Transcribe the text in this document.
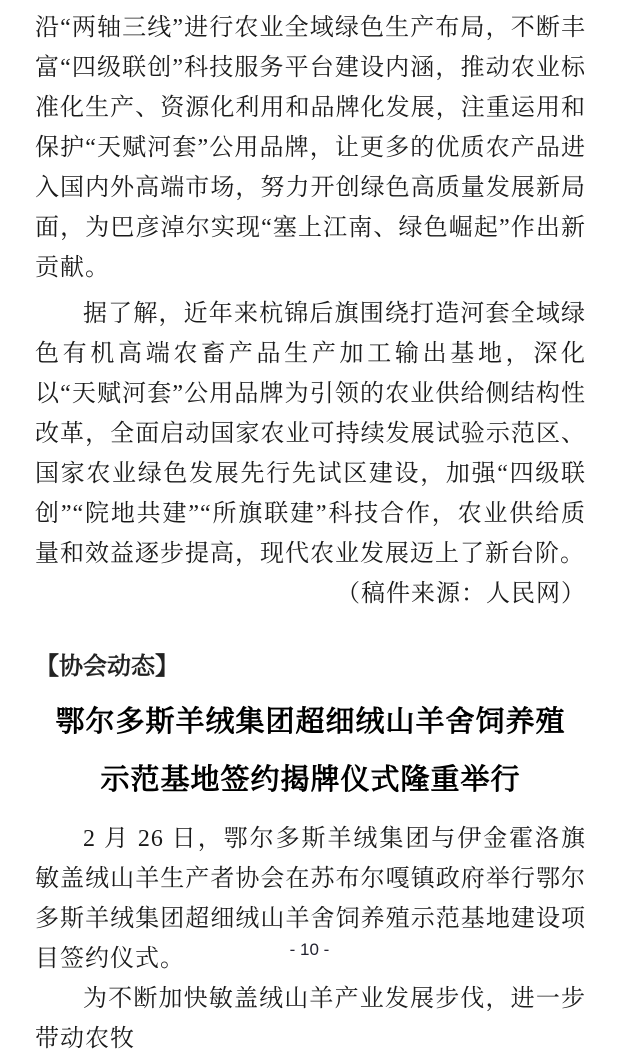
沿“两轴三线”进行农业全域绿色生产布局，不断丰富“四级联创”科技服务平台建设内涵，推动农业标准化生产、资源化利用和品牌化发展，注重运用和保护“天赋河套”公用品牌，让更多的优质农产品进入国内外高端市场，努力开创绿色高质量发展新局面，为巴彦淖尔实现“塞上江南、绿色崛起”作出新贡献。

据了解，近年来杭锦后旗围绕打造河套全域绿色有机高端农畜产品生产加工输出基地，深化以“天赋河套”公用品牌为引领的农业供给侧结构性改革，全面启动国家农业可持续发展试验示范区、国家农业绿色发展先行先试区建设，加强“四级联创”“院地共建”“所旗联建”科技合作，农业供给质量和效益逐步提高，现代农业发展迈上了新台阶。

（稿件来源：人民网）

【协会动态】
鄂尔多斯羊绒集团超细绒山羊舍饲养殖
示范基地签约揭牌仪式隆重举行

2 月 26 日，鄂尔多斯羊绒集团与伊金霍洛旗敏盖绒山羊生产者协会在苏布尔嘎镇政府举行鄂尔多斯羊绒集团超细绒山羊舍饲养殖示范基地建设项目签约仪式。

为不断加快敏盖绒山羊产业发展步伐，进一步带动农牧

- 10 -
